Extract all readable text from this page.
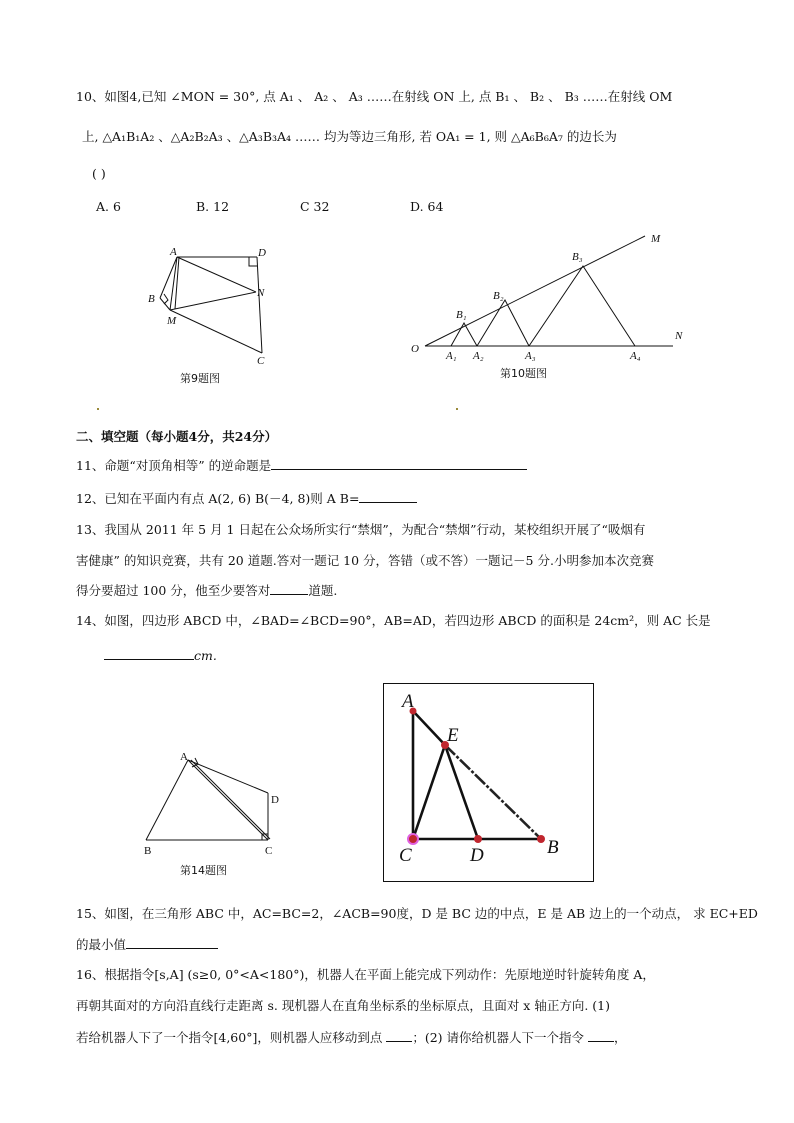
10、如图4,已知 ∠MON = 30°, 点 A₁ 、 A₂ 、 A₃ ……在射线 ON 上, 点 B₁ 、 B₂ 、 B₃ ……在射线 OM
上, △A₁B₁A₂ 、△A₂B₂A₃ 、△A₃B₃A₄ …… 均为等边三角形, 若 OA₁ = 1, 则 △A₆B₆A₇ 的边长为
( )
A. 6	B. 12	C 32	D. 64
A	D
N
B
M
C
第9题图
M
N
O
B₁
B₂
B₃
A₁ A₂	A₃	A₄
第10题图
二、填空题（每小题4分，共24分）
11、命题“对顶角相等” 的逆命题是
12、已知在平面内有点 A(2, 6) B(－4, 8)则 A B=
13、我国从 2011 年 5 月 1 日起在公众场所实行“禁烟”，为配合“禁烟”行动，某校组织开展了“吸烟有
害健康” 的知识竞赛，共有 20 道题.答对一题记 10 分，答错（或不答）一题记－5 分.小明参加本次竞赛
得分要超过 100 分，他至少要答对	道题.
14、如图，四边形 ABCD 中，∠BAD=∠BCD=90°，AB=AD，若四边形 ABCD 的面积是 24cm²，则 AC 长是
cm.
A
D
B	C
第14题图
A
E
C	D	B
15、如图，在三角形 ABC 中，AC=BC=2，∠ACB=90度，D 是 BC 边的中点，E 是 AB 边上的一个动点， 求 EC+ED
的最小值
16、根据指令[s,A] (s≥0, 0°<A<180°)，机器人在平面上能完成下列动作：先原地逆时针旋转角度 A，
再朝其面对的方向沿直线行走距离 s. 现机器人在直角坐标系的坐标原点，且面对 x 轴正方向. (1)
若给机器人下了一个指令[4,60°]，则机器人应移动到点 ；(2) 请你给机器人下一个指令 ，
